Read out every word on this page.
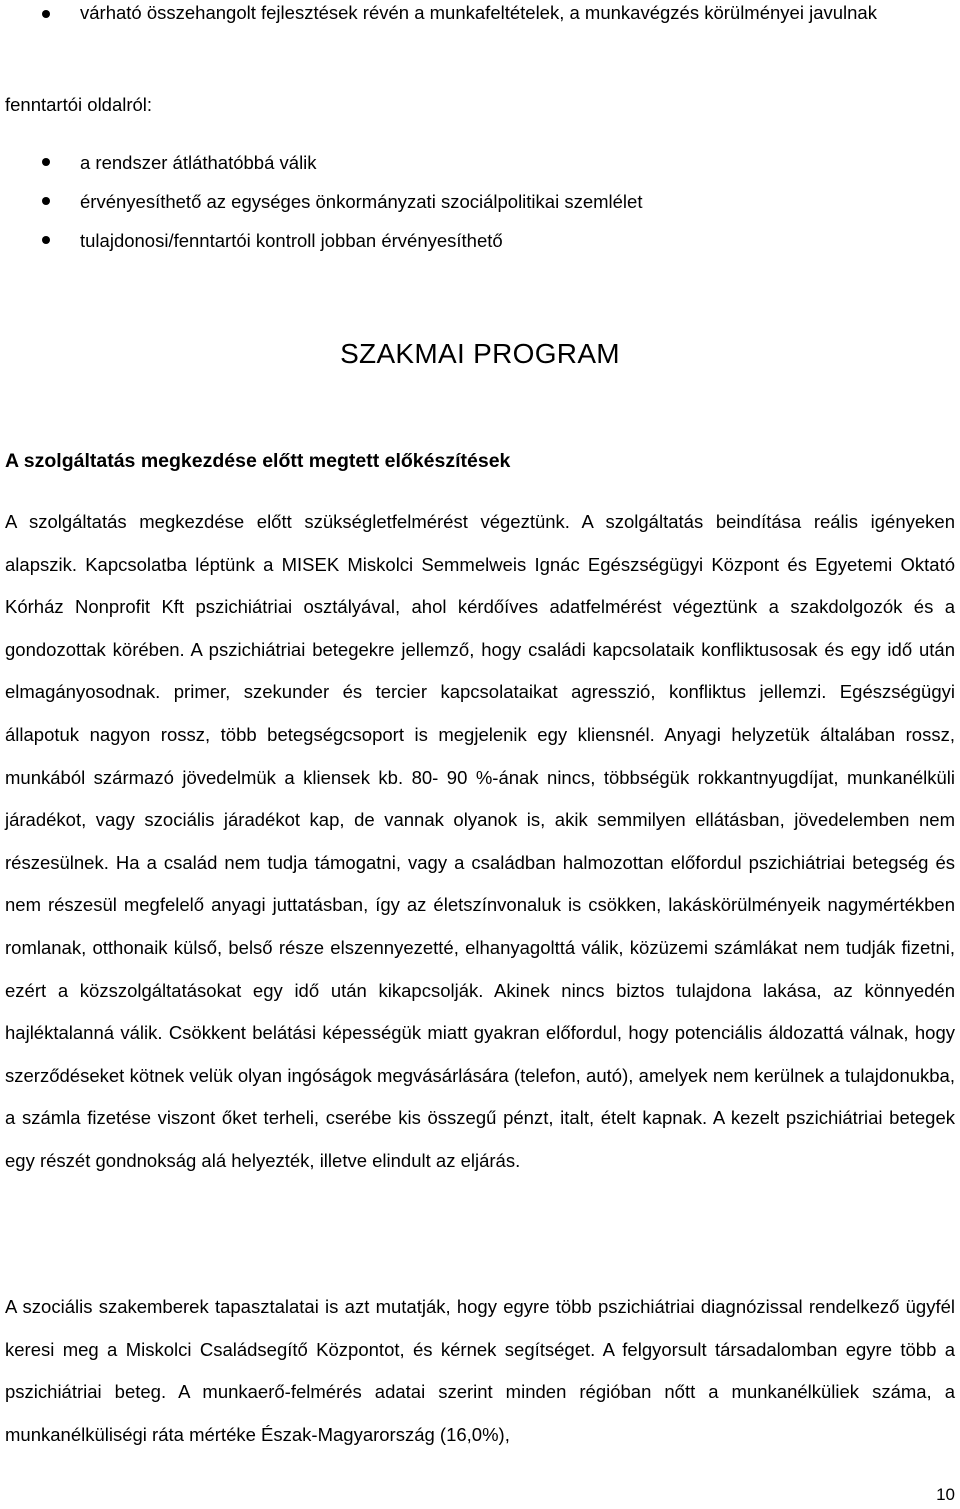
várható összehangolt fejlesztések révén a munkafeltételek, a munkavégzés körülményei javulnak
fenntartói oldalról:
a rendszer átláthatóbbá válik
érvényesíthető az egységes önkormányzati szociálpolitikai szemlélet
tulajdonosi/fenntartói kontroll jobban érvényesíthető
SZAKMAI PROGRAM
A szolgáltatás megkezdése előtt megtett előkészítések

A szolgáltatás megkezdése előtt szükségletfelmérést végeztünk. A szolgáltatás beindítása reális igényeken alapszik. Kapcsolatba léptünk a MISEK Miskolci Semmelweis Ignác Egészségügyi Központ és Egyetemi Oktató Kórház Nonprofit Kft pszichiátriai osztályával, ahol kérdőíves adatfelmérést végeztünk a szakdolgozók és a gondozottak körében. A pszichiátriai betegekre jellemző, hogy családi kapcsolataik konfliktusosak és egy idő után elmagányosodnak. primer, szekunder és tercier kapcsolataikat agresszió, konfliktus jellemzi. Egészségügyi állapotuk nagyon rossz, több betegségcsoport is megjelenik egy kliensnél. Anyagi helyzetük általában rossz, munkából származó jövedelmük a kliensek kb. 80- 90 %-ának nincs, többségük rokkantnyugdíjat, munkanélküli járadékot, vagy szociális járadékot kap, de vannak olyanok is, akik semmilyen ellátásban, jövedelemben nem részesülnek. Ha a család nem tudja támogatni, vagy a családban halmozottan előfordul pszichiátriai betegség és nem részesül megfelelő anyagi juttatásban, így az életszínvonaluk is csökken, lakáskörülményeik nagymértékben romlanak, otthonaik külső, belső része elszennyezetté, elhanyagolttá válik, közüzemi számlákat nem tudják fizetni, ezért a közszolgáltatásokat egy idő után kikapcsolják. Akinek nincs biztos tulajdona lakása, az könnyedén hajléktalanná válik. Csökkent belátási képességük miatt gyakran előfordul, hogy potenciális áldozattá válnak, hogy szerződéseket kötnek velük olyan ingóságok megvásárlására (telefon, autó), amelyek nem kerülnek a tulajdonukba, a számla fizetése viszont őket terheli, cserébe kis összegű pénzt, italt, ételt kapnak. A kezelt pszichiátriai betegek egy részét gondnokság alá helyezték, illetve elindult az eljárás.

A szociális szakemberek tapasztalatai is azt mutatják, hogy egyre több pszichiátriai diagnózissal rendelkező ügyfél keresi meg a Miskolci Családsegítő Központot, és kérnek segítséget. A felgyorsult társadalomban egyre több a pszichiátriai beteg. A munkaerő-felmérés adatai szerint minden régióban nőtt a munkanélküliek száma, a munkanélküliségi ráta mértéke Észak-Magyarország (16,0%),

10
